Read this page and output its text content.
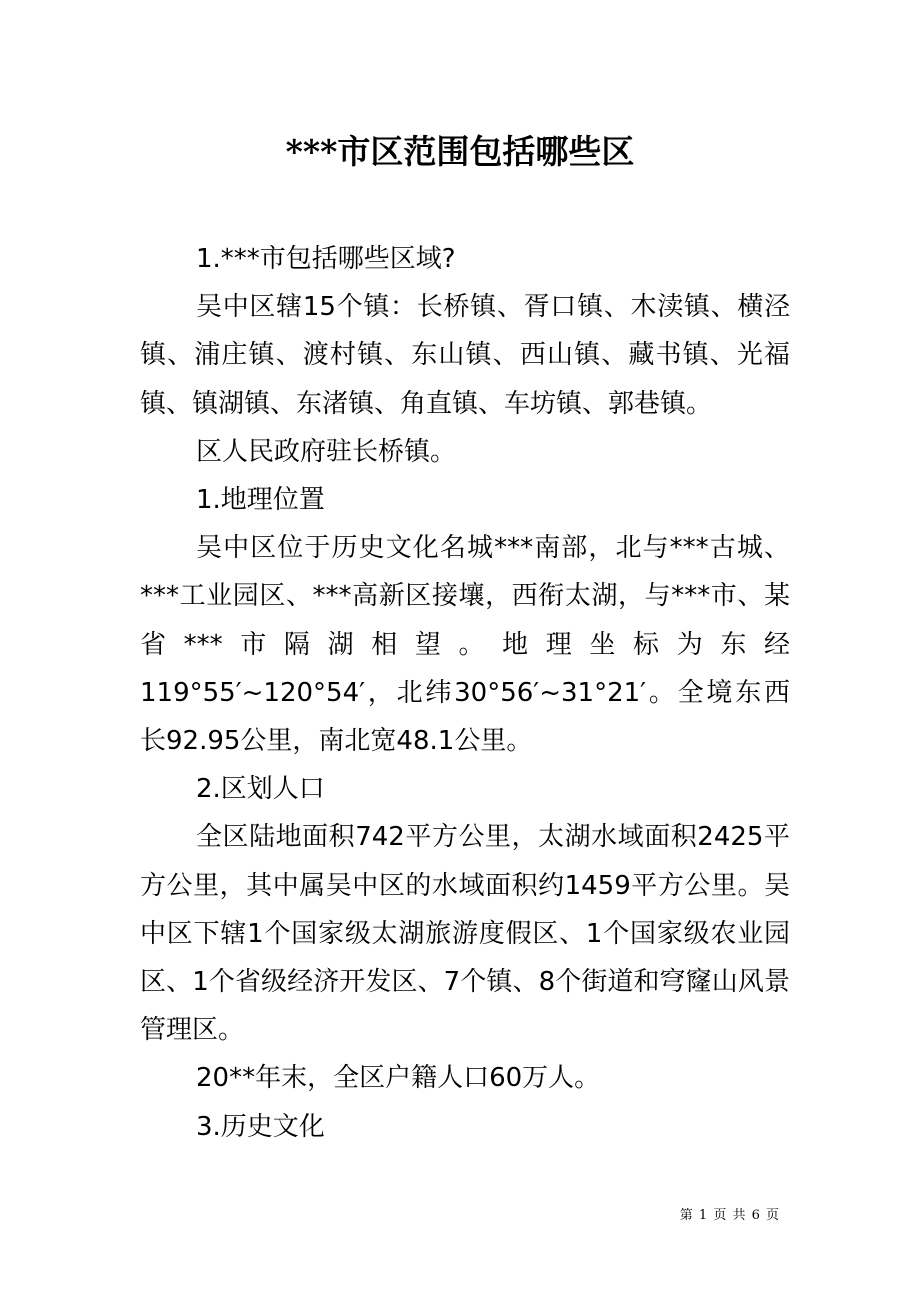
***市区范围包括哪些区

1.***市包括哪些区域?

吴中区辖15个镇：长桥镇、胥口镇、木渎镇、横泾镇、浦庄镇、渡村镇、东山镇、西山镇、藏书镇、光福镇、镇湖镇、东渚镇、角直镇、车坊镇、郭巷镇。

区人民政府驻长桥镇。

1.地理位置

吴中区位于历史文化名城***南部，北与***古城、***工业园区、***高新区接壤，西衔太湖，与***市、某省***市隔湖相望。地理坐标为东经119°55′~120°54′，北纬30°56′~31°21′。全境东西长92.95公里，南北宽48.1公里。

2.区划人口

全区陆地面积742平方公里，太湖水域面积2425平方公里，其中属吴中区的水域面积约1459平方公里。吴中区下辖1个国家级太湖旅游度假区、1个国家级农业园区、1个省级经济开发区、7个镇、8个街道和穹窿山风景管理区。

20**年末，全区户籍人口60万人。

3.历史文化

第 1 页 共 6 页
